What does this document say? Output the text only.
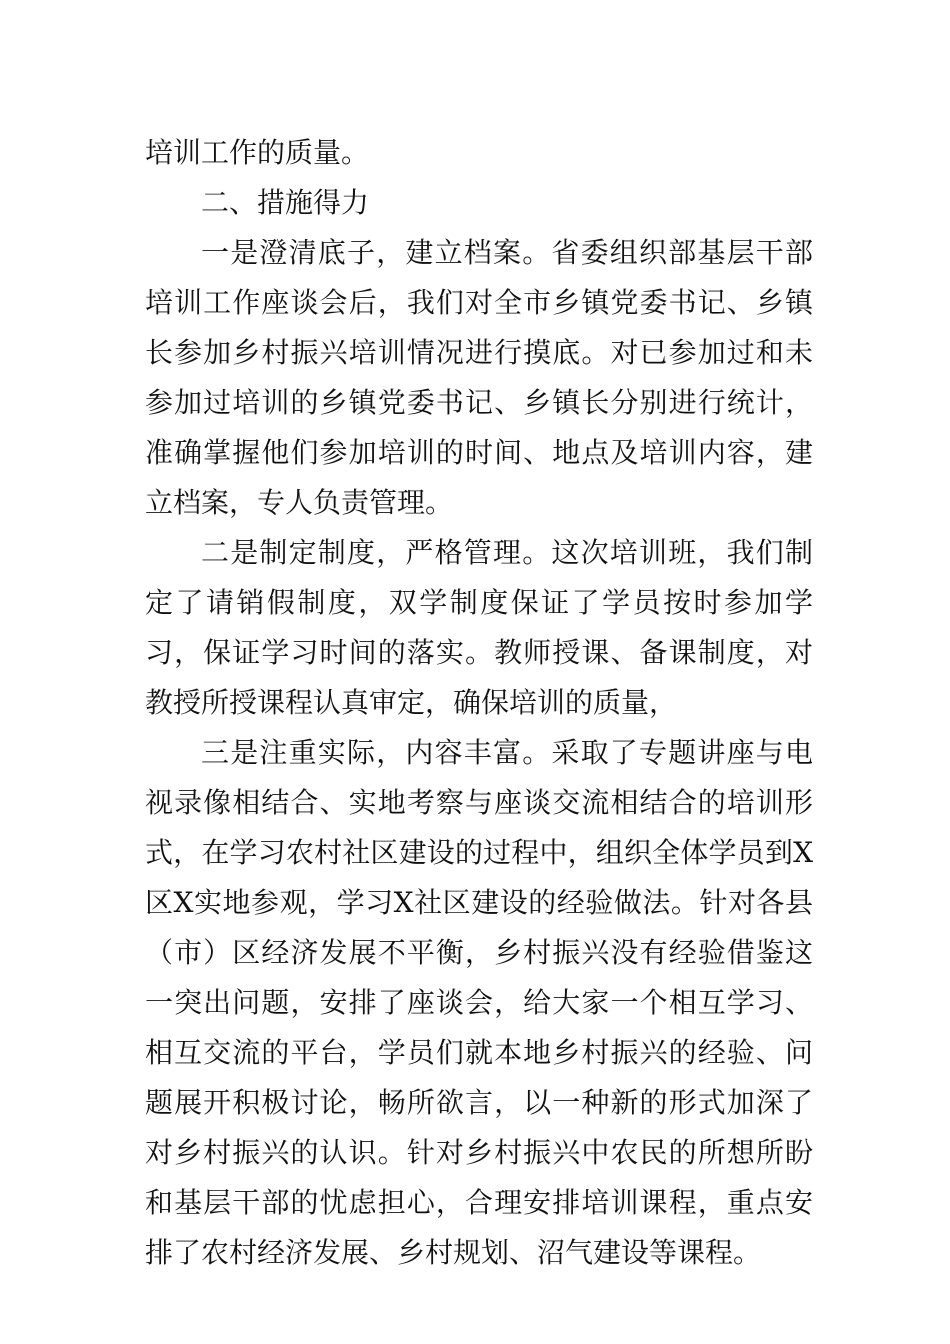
培训工作的质量。

二、措施得力

一是澄清底子，建立档案。省委组织部基层干部培训工作座谈会后，我们对全市乡镇党委书记、乡镇长参加乡村振兴培训情况进行摸底。对已参加过和未参加过培训的乡镇党委书记、乡镇长分别进行统计，准确掌握他们参加培训的时间、地点及培训内容，建立档案，专人负责管理。

二是制定制度，严格管理。这次培训班，我们制定了请销假制度，双学制度保证了学员按时参加学习，保证学习时间的落实。教师授课、备课制度，对教授所授课程认真审定，确保培训的质量，

三是注重实际，内容丰富。采取了专题讲座与电视录像相结合、实地考察与座谈交流相结合的培训形式，在学习农村社区建设的过程中，组织全体学员到X区X实地参观，学习X社区建设的经验做法。针对各县（市）区经济发展不平衡，乡村振兴没有经验借鉴这一突出问题，安排了座谈会，给大家一个相互学习、相互交流的平台，学员们就本地乡村振兴的经验、问题展开积极讨论，畅所欲言，以一种新的形式加深了对乡村振兴的认识。针对乡村振兴中农民的所想所盼和基层干部的忧虑担心，合理安排培训课程，重点安排了农村经济发展、乡村规划、沼气建设等课程。
